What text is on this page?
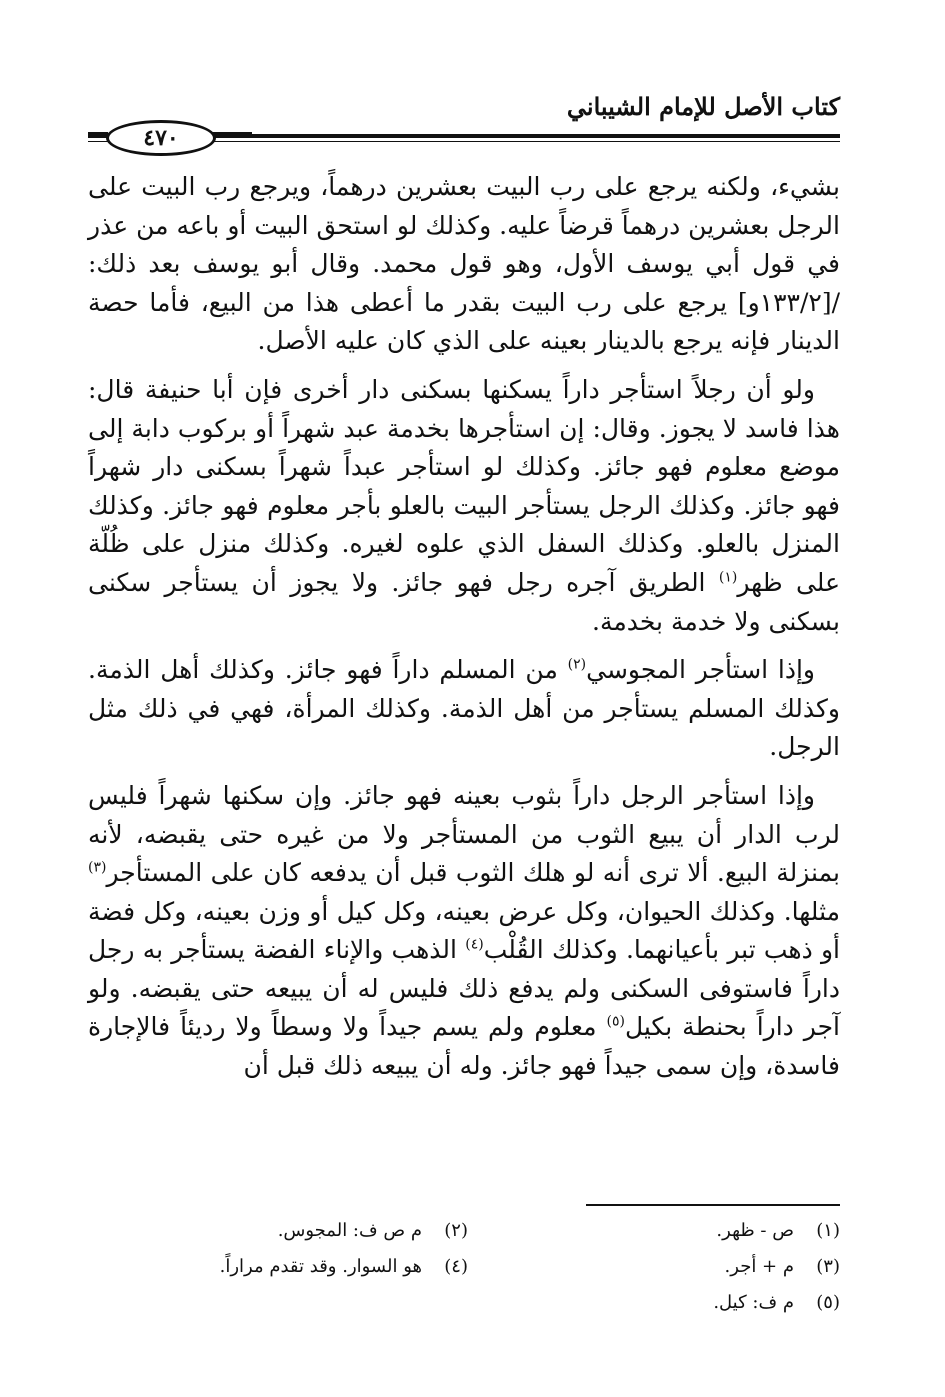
كتاب الأصل للإمام الشيباني
٤٧٠

بشيء، ولكنه يرجع على رب البيت بعشرين درهماً، ويرجع رب البيت على الرجل بعشرين درهماً قرضاً عليه. وكذلك لو استحق البيت أو باعه من عذر في قول أبي يوسف الأول، وهو قول محمد. وقال أبو يوسف بعد ذلك: /[١٣٣/٢و] يرجع على رب البيت بقدر ما أعطى هذا من البيع، فأما حصة الدينار فإنه يرجع بالدينار بعينه على الذي كان عليه الأصل.

 ولو أن رجلاً استأجر داراً يسكنها بسكنى دار أخرى فإن أبا حنيفة قال: هذا فاسد لا يجوز. وقال: إن استأجرها بخدمة عبد شهراً أو بركوب دابة إلى موضع معلوم فهو جائز. وكذلك لو استأجر عبداً شهراً بسكنى دار شهراً فهو جائز. وكذلك الرجل يستأجر البيت بالعلو بأجر معلوم فهو جائز. وكذلك المنزل بالعلو. وكذلك السفل الذي علوه لغيره. وكذلك منزل على ظُلّة على ظهر$^{(١)}$ الطريق آجره رجل فهو جائز. ولا يجوز أن يستأجر سكنى بسكنى ولا خدمة بخدمة.

 وإذا استأجر المجوسي$^{(٢)}$ من المسلم داراً فهو جائز. وكذلك أهل الذمة. وكذلك المسلم يستأجر من أهل الذمة. وكذلك المرأة، فهي في ذلك مثل الرجل.

 وإذا استأجر الرجل داراً بثوب بعينه فهو جائز. وإن سكنها شهراً فليس لرب الدار أن يبيع الثوب من المستأجر ولا من غيره حتى يقبضه، لأنه بمنزلة البيع. ألا ترى أنه لو هلك الثوب قبل أن يدفعه كان على المستأجر$^{(٣)}$ مثلها. وكذلك الحيوان، وكل عرض بعينه، وكل كيل أو وزن بعينه، وكل فضة أو ذهب تبر بأعيانهما. وكذلك القُلْب$^{(٤)}$ الذهب والإناء الفضة يستأجر به رجل داراً فاستوفى السكنى ولم يدفع ذلك فليس له أن يبيعه حتى يقبضه. ولو آجر داراً بحنطة بكيل$^{(٥)}$ معلوم ولم يسم جيداً ولا وسطاً ولا رديئاً فالإجارة فاسدة، وإن سمى جيداً فهو جائز. وله أن يبيعه ذلك قبل أن

(١)ص - ظهر.
(٢)م ص ف: المجوس.
(٣)م + أجر.
(٤)هو السوار. وقد تقدم مراراً.
(٥)م ف: كيل.
